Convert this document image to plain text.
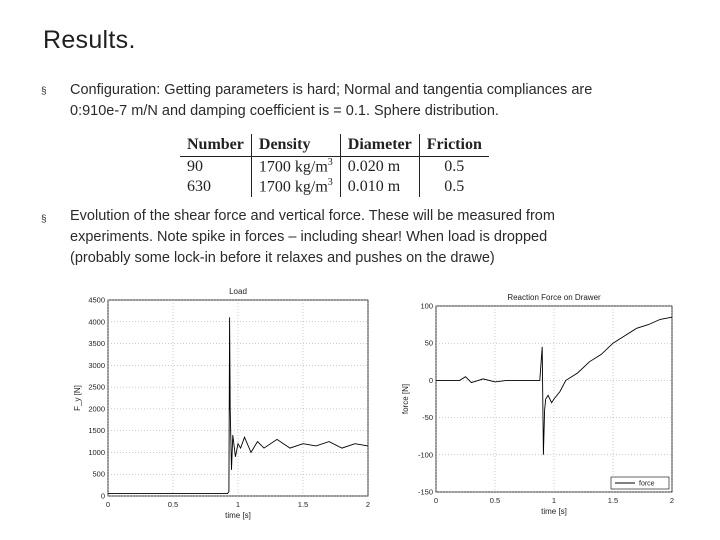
Results.
§ Configuration: Getting parameters is hard; Normal and tangentia compliances are
0:910e-7 m/N and damping coefficient is = 0.1. Sphere distribution.
Number	Density	Diameter	Friction
90	1700 $kg/m^3$	0.020 m	0.5
630	1700 $kg/m^3$	0.010 m	0.5
§ Evolution of the shear force and vertical force. These will be measured from
experiments. Note spike in forces – including shear! When load is dropped
(probably some lock-in before it relaxes and pushes on the drawe)
Load
0	0.5	1	1.5	2
0
500
1000
1500
2000
2500
3000
3500
4000
4500
time [s]
F_y [N]
Reaction Force on Drawer
0	0.5	1	1.5	2
-150
-100
-50
0
50
100
time [s]
force [N]
force
